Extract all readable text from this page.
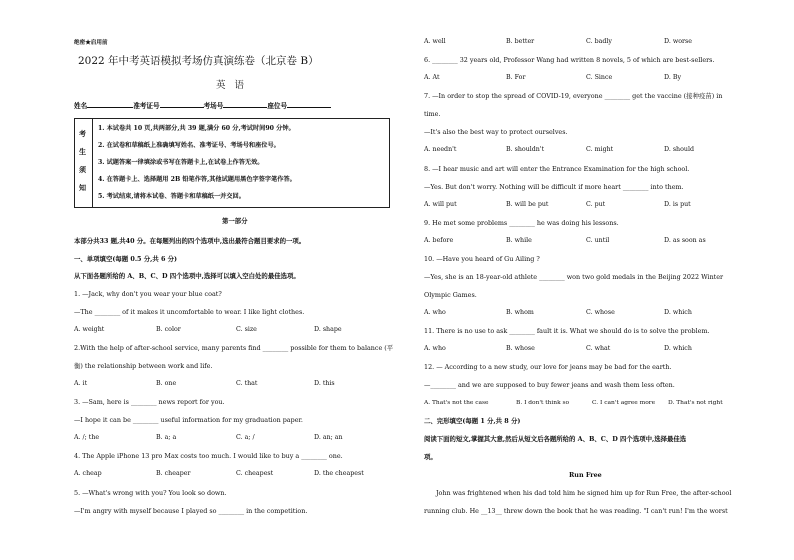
绝密★启用前
2022 年中考英语模拟考场仿真演练卷（北京卷 B）
英 语
姓名	准考证号	考场号	座位号
考
生
须
知
1. 本试卷共 10 页,共两部分,共 39 题,满分 60 分,考试时间90 分钟。
2. 在试卷和草稿纸上准确填写姓名、准考证号、考场号和座位号。
3. 试题答案一律填涂或书写在答题卡上,在试卷上作答无效。
4. 在答题卡上、选择题用 2B 铅笔作答,其他试题用黑色字签字笔作答。
5. 考试结束,请将本试卷、答题卡和草稿纸一并交回。
第一部分
本部分共33 题,共40 分。在每题列出的四个选项中,选出最符合题目要求的一项。
一、单项填空(每题 0.5 分,共 6 分)
从下面各题所给的 A、B、C、D 四个选项中,选择可以填入空白处的最佳选项。
1. —Jack, why don't you wear your blue coat?
—The ________ of it makes it uncomfortable to wear. I like light clothes.
A. weight	B. color	C. size	D. shape
2.With the help of after-school service, many parents find ________ possible for them to balance (平
衡) the relationship between work and life.
A. it	B. one	C. that	D. this
3. —Sam, here is ________ news report for you.
—I hope it can be ________ useful information for my graduation paper.
A. /; the	B. a; a	C. a; /	D. an; an
4. The Apple iPhone 13 pro Max costs too much. I would like to buy a ________ one.
A. cheap	B. cheaper	C. cheapest	D. the cheapest
5. —What's wrong with you? You look so down.
—I'm angry with myself because I played so ________ in the competition.
A. well	B. better	C. badly	D. worse
6. ________ 32 years old, Professor Wang had written 8 novels, 5 of which are best-sellers.
A. At	B. For	C. Since	D. By
7. —In order to stop the spread of COVID-19, everyone ________ get the vaccine (接种疫苗) in
time.
—It's also the best way to protect ourselves.
A. needn't	B. shouldn't	C. might	D. should
8. —I hear music and art will enter the Entrance Examination for the high school.
—Yes. But don't worry. Nothing will be difficult if more heart ________ into them.
A. will put	B. will be put	C. put	D. is put
9. He met some problems ________ he was doing his lessons.
A. before	B. while	C. until	D. as soon as
10. —Have you heard of Gu Ailing ?
—Yes, she is an 18-year-old athlete ________ won two gold medals in the Beijing 2022 Winter
Olympic Games.
A. who	B. whom	C. whose	D. which
11. There is no use to ask ________ fault it is. What we should do is to solve the problem.
A. who	B. whose	C. what	D. which
12. — According to a new study, our love for jeans may be bad for the earth.
—________ and we are supposed to buy fewer jeans and wash them less often.
A. That's not the case	B. I don't think so	C. I can't agree more D. That's not right
二、完形填空(每题 1 分,共 8 分)
阅读下面的短文,掌握其大意,然后从短文后各题所给的 A、B、C、D 四个选项中,选择最佳选
项。
Run Free
John was frightened when his dad told him he signed him up for Run Free, the after-school
running club. He __13__ threw down the book that he was reading. "I can't run! I'm the worst
